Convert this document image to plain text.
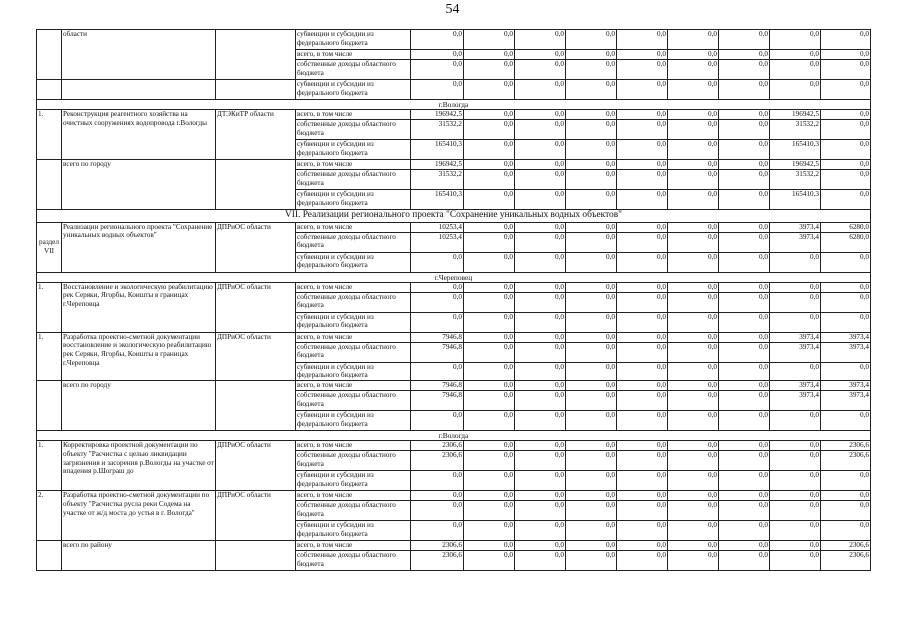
54
	области		субвенции и субсидии из федерального бюджета	0,0	0,0	0,0	0,0	0,0	0,0	0,0	0,0	0,0
			всего, в том числе	0,0	0,0	0,0	0,0	0,0	0,0	0,0	0,0	0,0
			собственные доходы областного бюджета	0,0	0,0	0,0	0,0	0,0	0,0	0,0	0,0	0,0
			субвенции и субсидии из федерального бюджета	0,0	0,0	0,0	0,0	0,0	0,0	0,0	0,0	0,0
г.Вологда												
1.	Реконструкция реагентного хозяйства на очистных сооружениях водопровода г.Вологды	ДТЭКиТР области	всего, в том числе	196942,5	0,0	0,0	0,0	0,0	0,0	0,0	196942,5	0,0
			собственные доходы областного бюджета	31532,2	0,0	0,0	0,0	0,0	0,0	0,0	31532,2	0,0
			субвенции и субсидии из федерального бюджета	165410,3	0,0	0,0	0,0	0,0	0,0	0,0	165410,3	0,0
	всего по городу		всего, в том числе	196942,5	0,0	0,0	0,0	0,0	0,0	0,0	196942,5	0,0
			собственные доходы областного бюджета	31532,2	0,0	0,0	0,0	0,0	0,0	0,0	31532,2	0,0
			субвенции и субсидии из федерального бюджета	165410,3	0,0	0,0	0,0	0,0	0,0	0,0	165410,3	0,0
VII. Реализации регионального проекта "Сохранение уникальных водных объектов"												
раздел VII	Реализации регионального проекта "Сохранение уникальных водных объектов"	ДПРиОС области	всего, в том числе	10253,4	0,0	0,0	0,0	0,0	0,0	0,0	3973,4	6280,0
			собственные доходы областного бюджета	10253,4	0,0	0,0	0,0	0,0	0,0	0,0	3973,4	6280,0
			субвенции и субсидии из федерального бюджета	0,0	0,0	0,0	0,0	0,0	0,0	0,0	0,0	0,0
г.Череповец												
1.	Восстановление и экологическую реабилитацию рек Серяки, Ягорбы, Коишты в границах г.Череповца	ДПРиОС области	всего, в том числе	0,0	0,0	0,0	0,0	0,0	0,0	0,0	0,0	0,0
			собственные доходы областного бюджета	0,0	0,0	0,0	0,0	0,0	0,0	0,0	0,0	0,0
			субвенции и субсидии из федерального бюджета	0,0	0,0	0,0	0,0	0,0	0,0	0,0	0,0	0,0
1.	Разработка проектно-сметной документации восстановление и экологическую реабилитацию рек Серяки, Ягорбы, Коишты в границах г.Череповца	ДПРиОС области	всего, в том числе	7946,8	0,0	0,0	0,0	0,0	0,0	0,0	3973,4	3973,4
			собственные доходы областного бюджета	7946,8	0,0	0,0	0,0	0,0	0,0	0,0	3973,4	3973,4
			субвенции и субсидии из федерального бюджета	0,0	0,0	0,0	0,0	0,0	0,0	0,0	0,0	0,0
	всего по городу		всего, в том числе	7946,8	0,0	0,0	0,0	0,0	0,0	0,0	3973,4	3973,4
			собственные доходы областного бюджета	7946,8	0,0	0,0	0,0	0,0	0,0	0,0	3973,4	3973,4
			субвенции и субсидии из федерального бюджета	0,0	0,0	0,0	0,0	0,0	0,0	0,0	0,0	0,0
г.Вологда												
1.	Корректировка проектной документации по объекту "Расчистка с целью ликвидации загрязнения и засорения р.Вологды на участке от впадения р.Шограш до	ДПРиОС области	всего, в том числе	2306,6	0,0	0,0	0,0	0,0	0,0	0,0	0,0	2306,6
			собственные доходы областного бюджета	2306,6	0,0	0,0	0,0	0,0	0,0	0,0	0,0	2306,6
			субвенции и субсидии из федерального бюджета	0,0	0,0	0,0	0,0	0,0	0,0	0,0	0,0	0,0
2.	Разработка проектно-сметной документации по объекту "Расчистка русла реки Содема на участке от ж/д моста до устья в г. Вологда"	ДПРиОС области	всего, в том числе	0,0	0,0	0,0	0,0	0,0	0,0	0,0	0,0	0,0
			собственные доходы областного бюджета	0,0	0,0	0,0	0,0	0,0	0,0	0,0	0,0	0,0
			субвенции и субсидии из федерального бюджета	0,0	0,0	0,0	0,0	0,0	0,0	0,0	0,0	0,0
	всего по району		всего, в том числе	2306,6	0,0	0,0	0,0	0,0	0,0	0,0	0,0	2306,6
			собственные доходы областного бюджета	2306,6	0,0	0,0	0,0	0,0	0,0	0,0	0,0	2306,6
